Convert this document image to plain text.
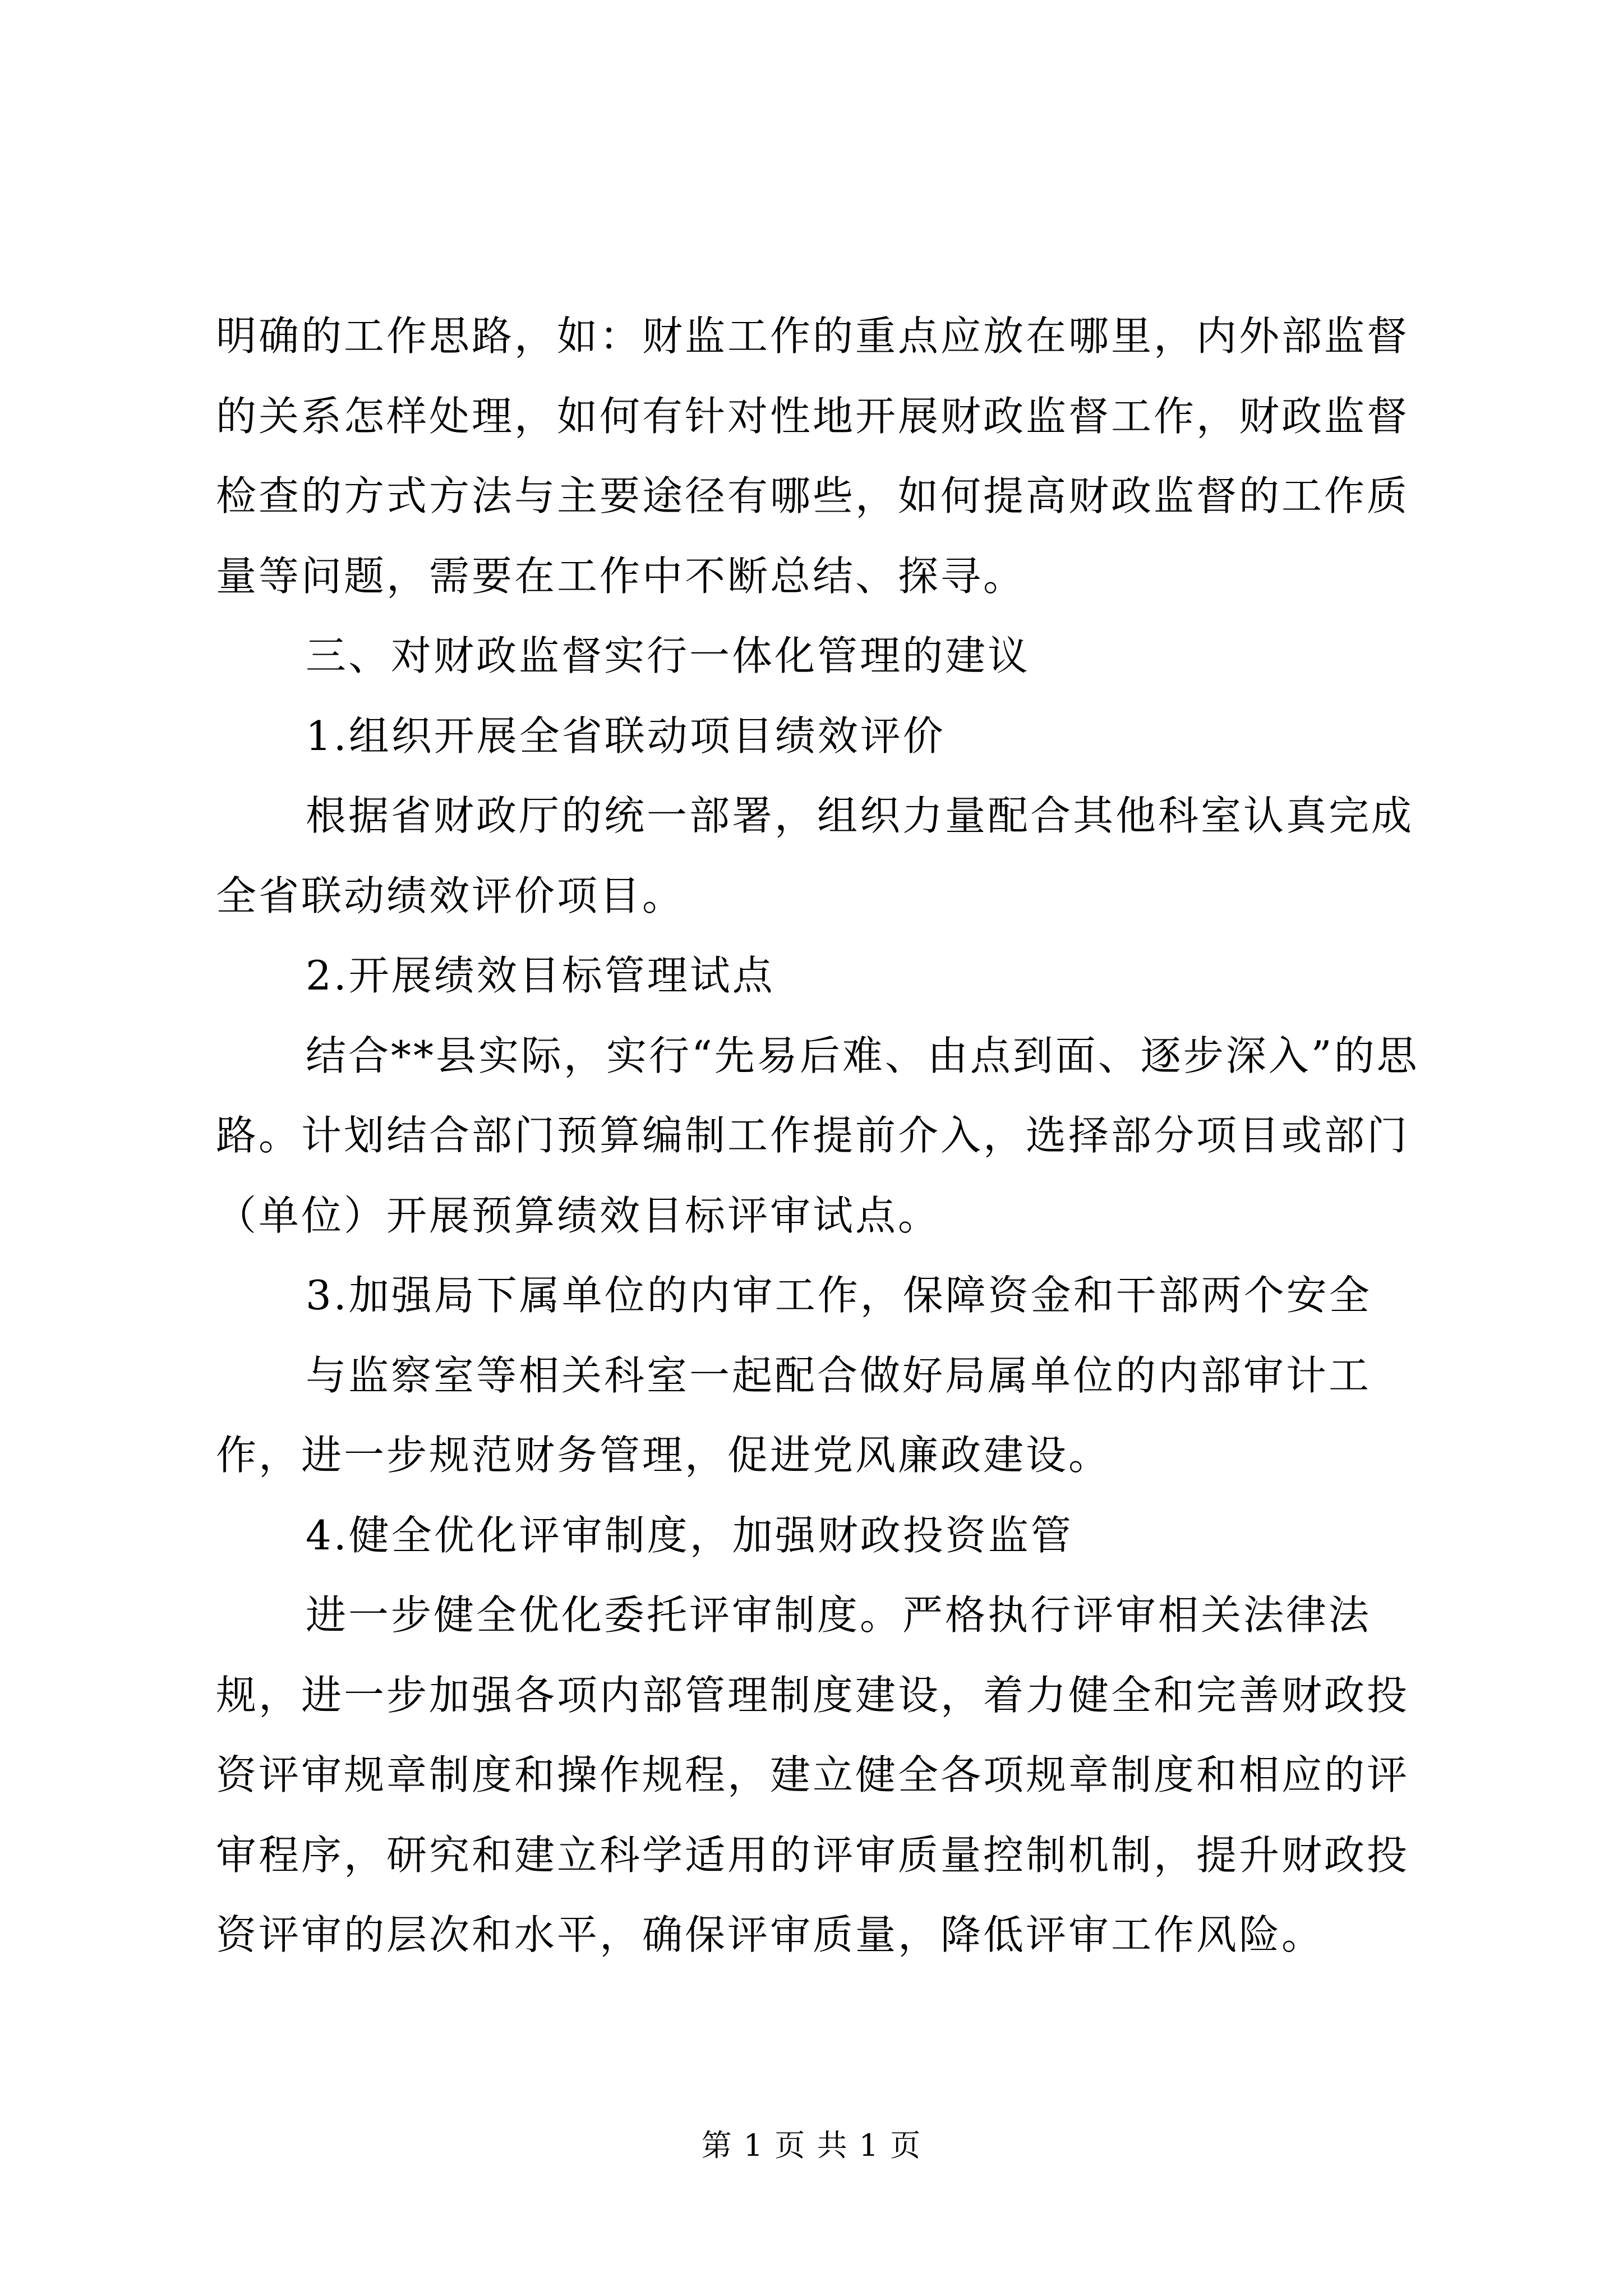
明确的工作思路，如：财监工作的重点应放在哪里，内外部监督的关系怎样处理，如何有针对性地开展财政监督工作，财政监督检查的方式方法与主要途径有哪些，如何提高财政监督的工作质量等问题，需要在工作中不断总结、探寻。

三、对财政监督实行一体化管理的建议

1.组织开展全省联动项目绩效评价

根据省财政厅的统一部署，组织力量配合其他科室认真完成全省联动绩效评价项目。

2.开展绩效目标管理试点

结合**县实际，实行“先易后难、由点到面、逐步深入”的思路。计划结合部门预算编制工作提前介入，选择部分项目或部门（单位）开展预算绩效目标评审试点。

3.加强局下属单位的内审工作，保障资金和干部两个安全

与监察室等相关科室一起配合做好局属单位的内部审计工作，进一步规范财务管理，促进党风廉政建设。

4.健全优化评审制度，加强财政投资监管

进一步健全优化委托评审制度。严格执行评审相关法律法规，进一步加强各项内部管理制度建设，着力健全和完善财政投资评审规章制度和操作规程，建立健全各项规章制度和相应的评审程序，研究和建立科学适用的评审质量控制机制，提升财政投资评审的层次和水平，确保评审质量，降低评审工作风险。

第 1 页 共 1 页
